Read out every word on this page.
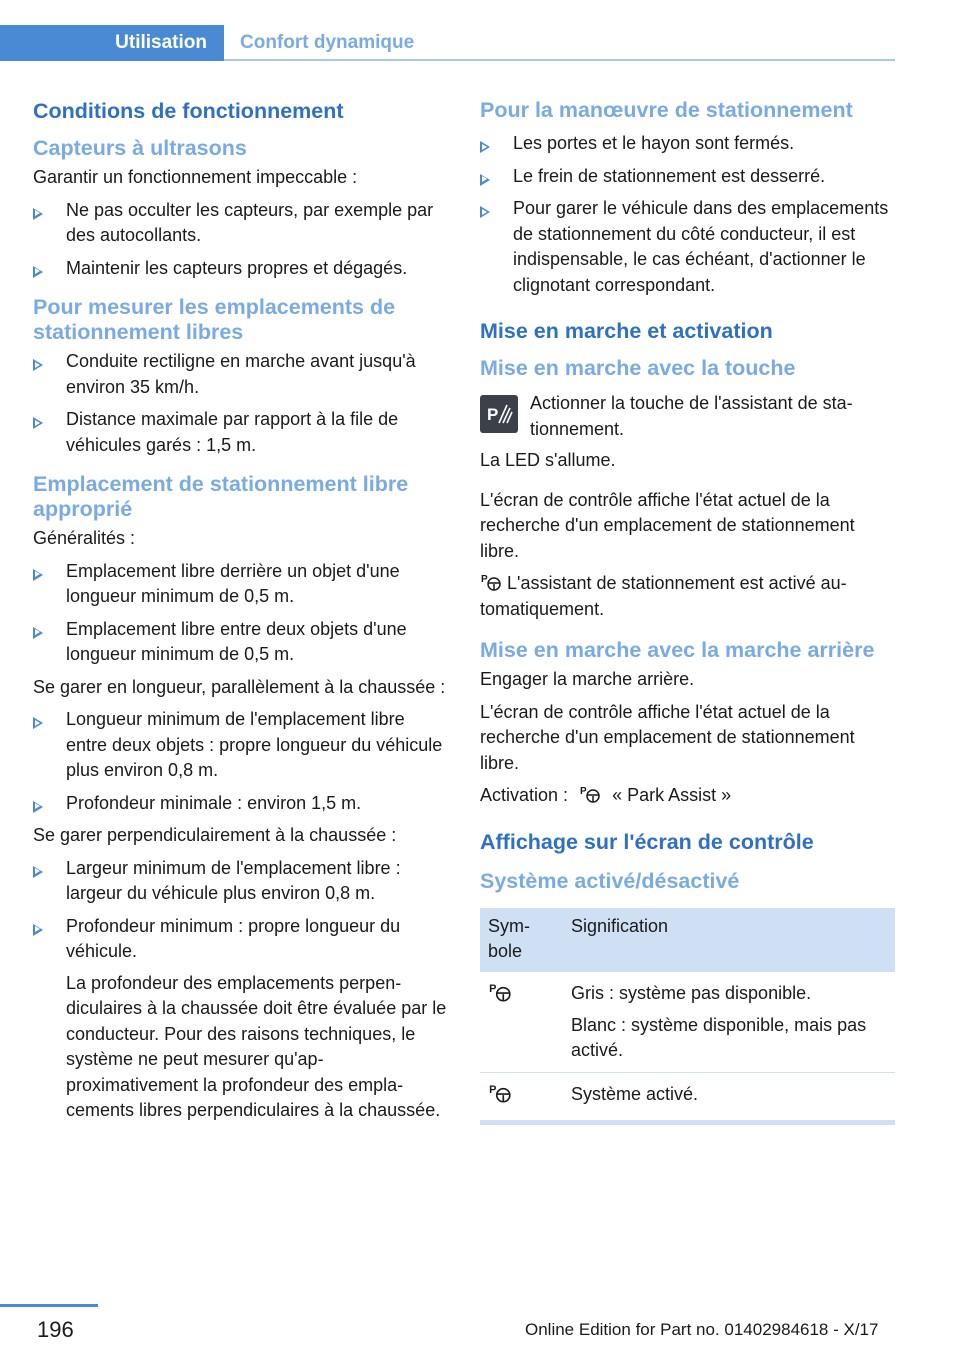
Utilisation	Confort dynamique
Conditions de fonctionnement
Capteurs à ultrasons
Garantir un fonctionnement impeccable :
Ne pas occulter les capteurs, par exemple par des autocollants.
Maintenir les capteurs propres et dégagés.
Pour mesurer les emplacements de stationnement libres
Conduite rectiligne en marche avant jusqu'à environ 35 km/h.
Distance maximale par rapport à la file de véhicules garés : 1,5 m.
Emplacement de stationnement libre approprié
Généralités :
Emplacement libre derrière un objet d'une longueur minimum de 0,5 m.
Emplacement libre entre deux objets d'une longueur minimum de 0,5 m.
Se garer en longueur, parallèlement à la chaussée :
Longueur minimum de l'emplacement libre entre deux objets : propre longueur du véhicule plus environ 0,8 m.
Profondeur minimale : environ 1,5 m.
Se garer perpendiculairement à la chaussée :
Largeur minimum de l'emplacement libre : largeur du véhicule plus environ 0,8 m.
Profondeur minimum : propre longueur du véhicule.
La profondeur des emplacements perpendiculaires à la chaussée doit être évaluée par le conducteur. Pour des raisons techniques, le système ne peut mesurer qu'approximativement la profondeur des emplacements libres perpendiculaires à la chaussée.
Pour la manœuvre de stationnement
Les portes et le hayon sont fermés.
Le frein de stationnement est desserré.
Pour garer le véhicule dans des emplacements de stationnement du côté conducteur, il est indispensable, le cas échéant, d'actionner le clignotant correspondant.
Mise en marche et activation
Mise en marche avec la touche
P
Actionner la touche de l'assistant de stationnement.
La LED s'allume.
L'écran de contrôle affiche l'état actuel de la recherche d'un emplacement de stationnement libre.
P L'assistant de stationnement est activé automatiquement.
Mise en marche avec la marche arrière
Engager la marche arrière.
L'écran de contrôle affiche l'état actuel de la recherche d'un emplacement de stationnement libre.
Activation : P « Park Assist »
Affichage sur l'écran de contrôle
Système activé/désactivé
Symbole	Signification

P	Gris : système pas disponible.
Blanc : système disponible, mais pas activé.

P	Système activé.
196	Online Edition for Part no. 01402984618 - X/17
